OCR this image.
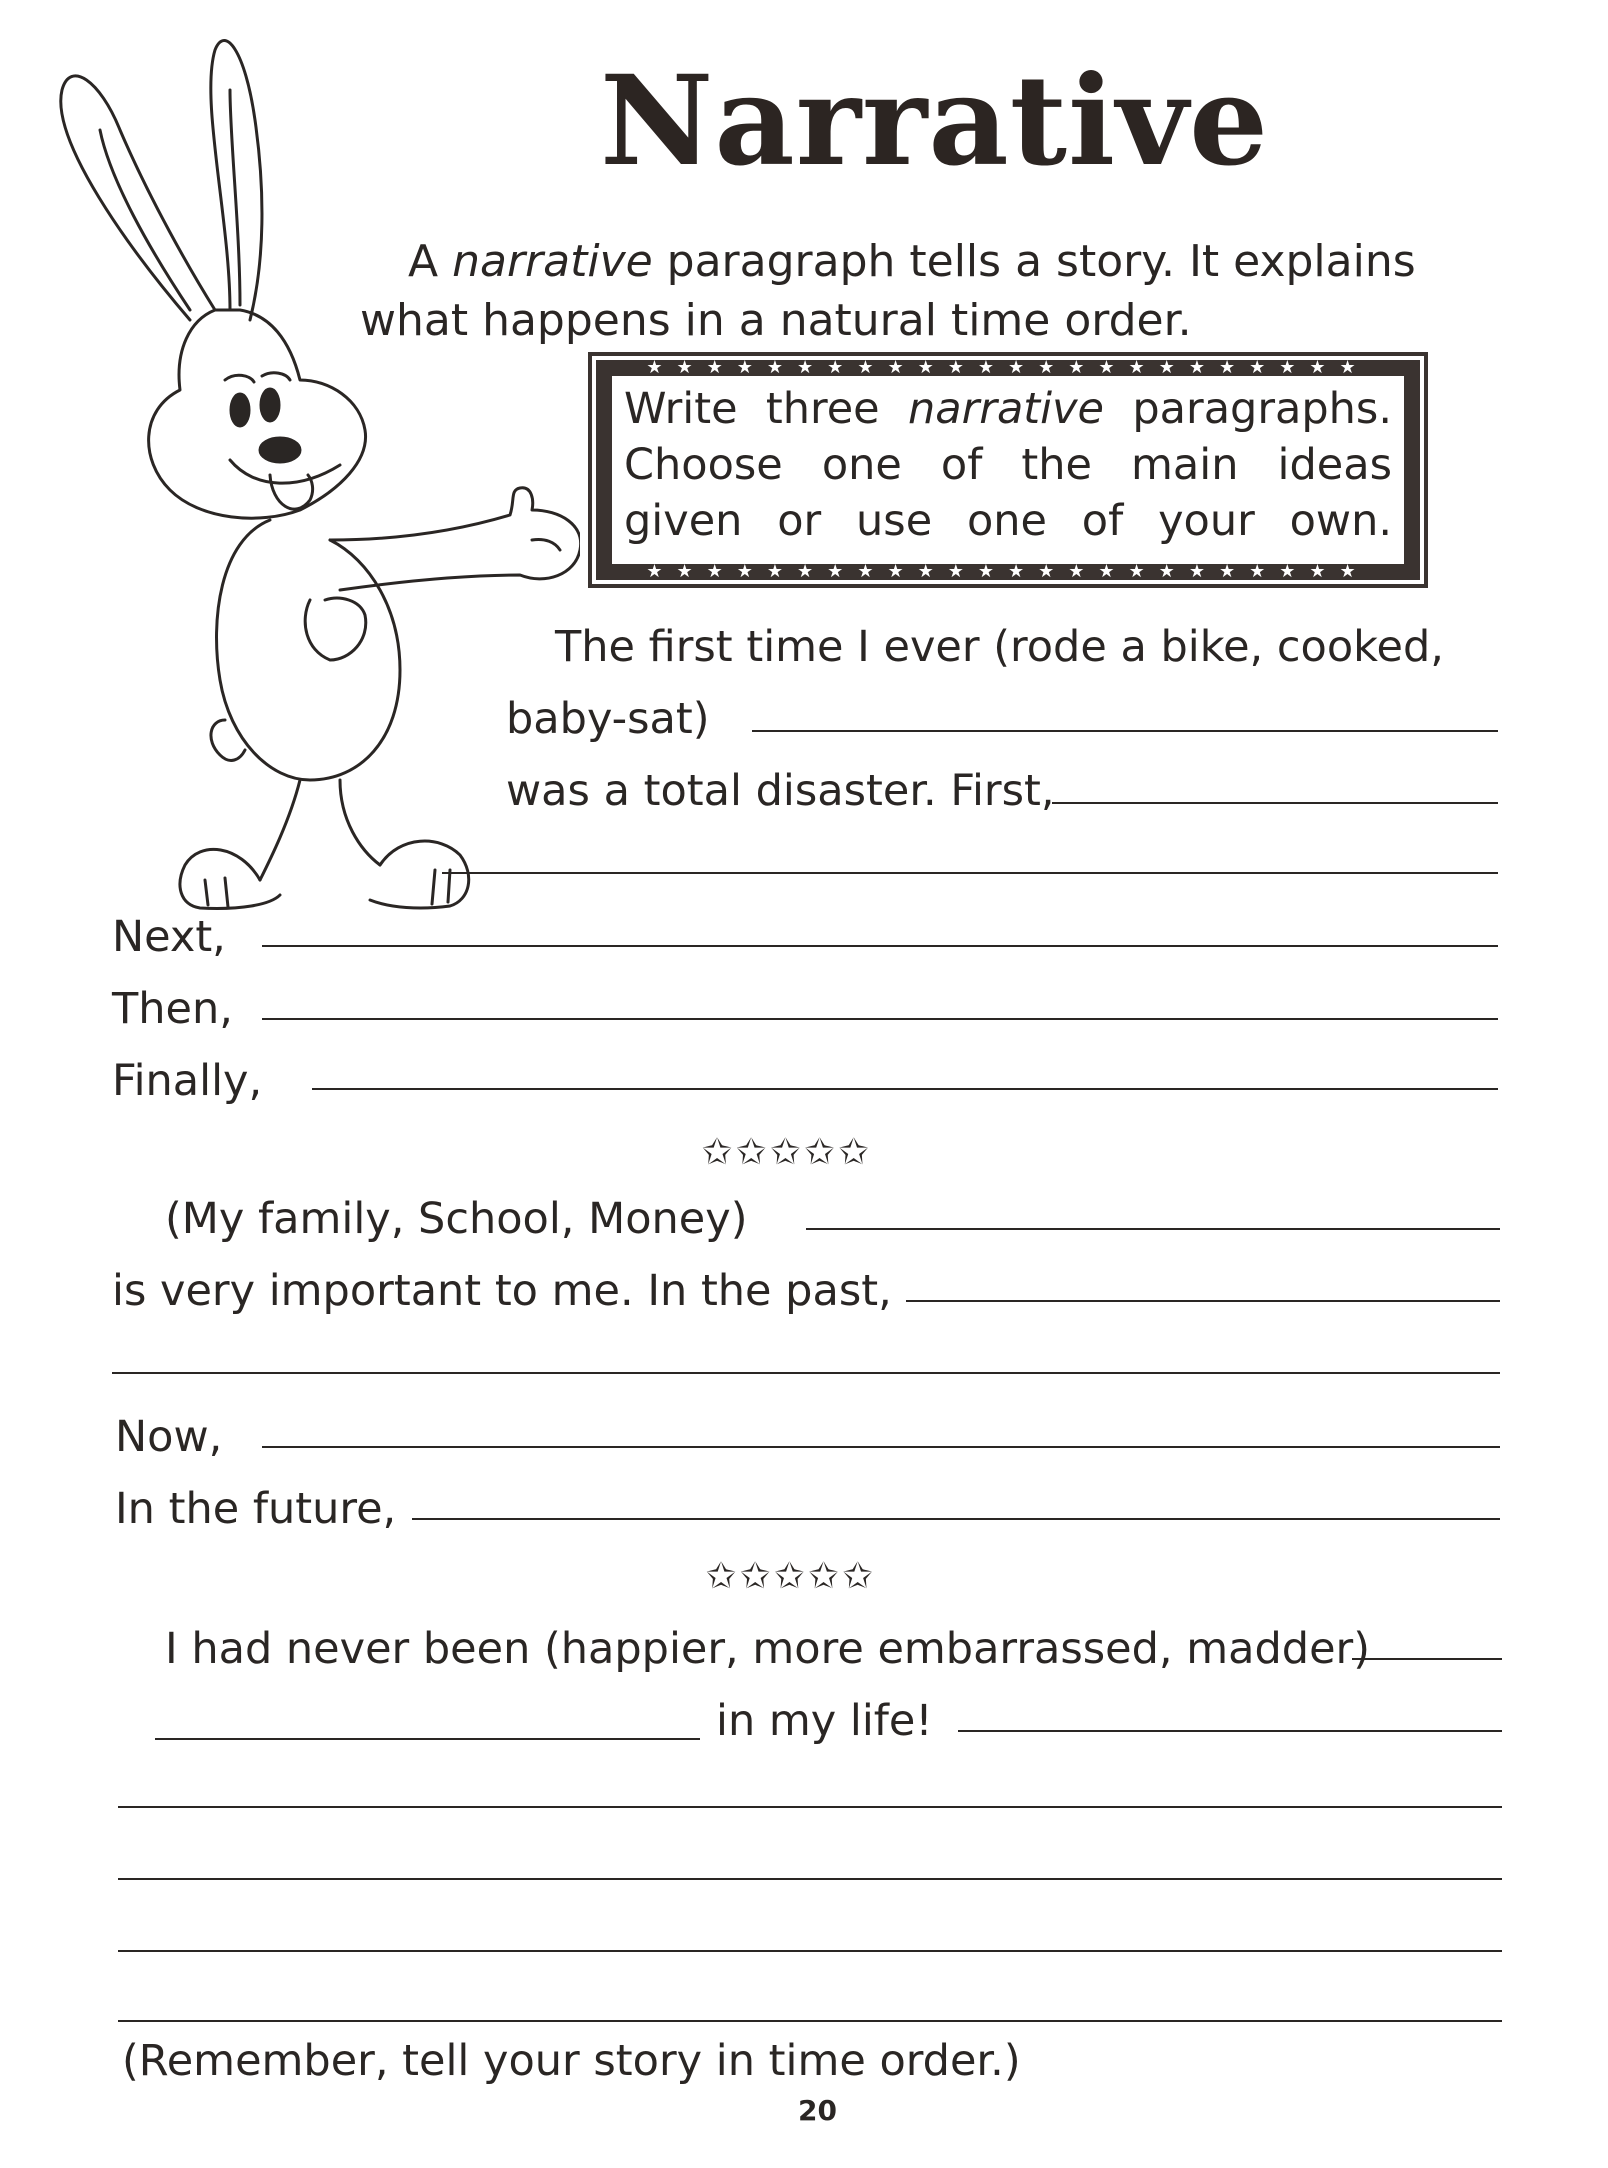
Narrative
A narrative paragraph tells a story. It explains what happens in a natural time order.
★★★★★★★★★★★★★★★★★★★★★★★★
★★★★★★★★★★★★★★★★★★★★★★★★
Write three narrative paragraphs. Choose one of the main ideas given or use one of your own.
The first time I ever (rode a bike, cooked,
baby-sat)
was a total disaster. First,
Next,
Then,
Finally,
✩✩✩✩✩
(My family, School, Money)
is very important to me. In the past,
Now,
In the future,
✩✩✩✩✩
I had never been (happier, more embarrassed, madder)
in my life!
(Remember, tell your story in time order.)
20
